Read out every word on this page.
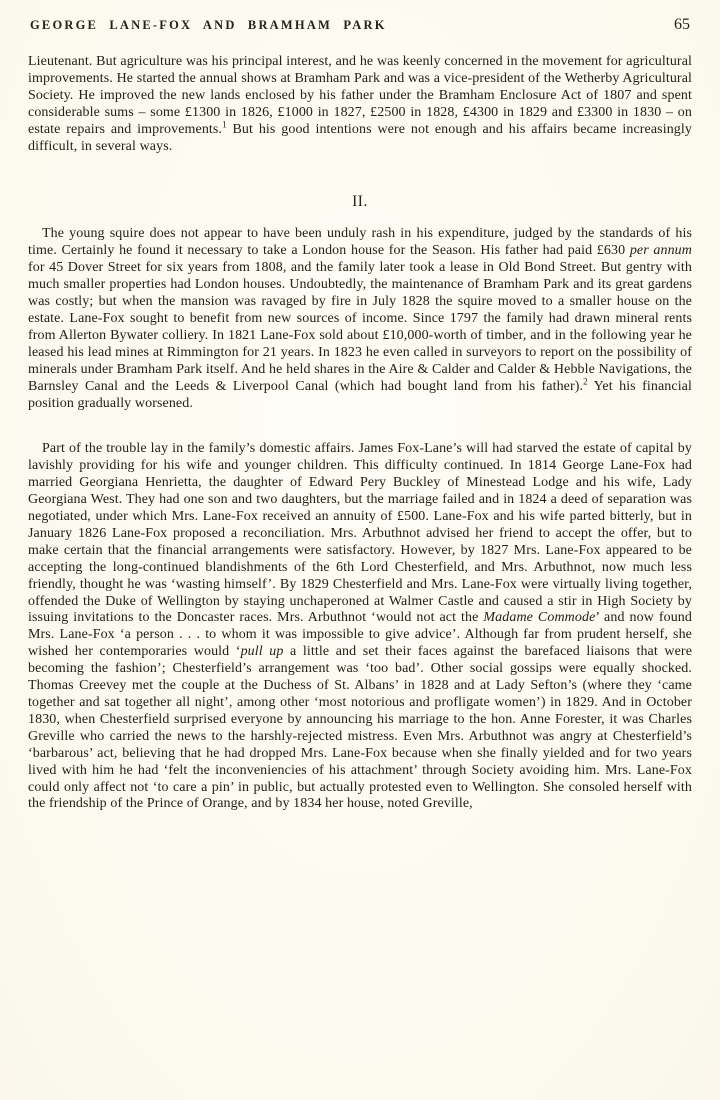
GEORGE LANE-FOX AND BRAMHAM PARK	65

Lieutenant. But agriculture was his principal interest, and he was keenly concerned in the movement for agricultural improvements. He started the annual shows at Bramham Park and was a vice-president of the Wetherby Agricultural Society. He improved the new lands enclosed by his father under the Bramham Enclosure Act of 1807 and spent considerable sums – some £1300 in 1826, £1000 in 1827, £2500 in 1828, £4300 in 1829 and £3300 in 1830 – on estate repairs and improvements.$^1$ But his good intentions were not enough and his affairs became increasingly difficult, in several ways.

II.

The young squire does not appear to have been unduly rash in his expenditure, judged by the standards of his time. Certainly he found it necessary to take a London house for the Season. His father had paid £630 per annum for 45 Dover Street for six years from 1808, and the family later took a lease in Old Bond Street. But gentry with much smaller properties had London houses. Undoubtedly, the maintenance of Bramham Park and its great gardens was costly; but when the mansion was ravaged by fire in July 1828 the squire moved to a smaller house on the estate. Lane-Fox sought to benefit from new sources of income. Since 1797 the family had drawn mineral rents from Allerton Bywater colliery. In 1821 Lane-Fox sold about £10,000-worth of timber, and in the following year he leased his lead mines at Rimmington for 21 years. In 1823 he even called in surveyors to report on the possibility of minerals under Bramham Park itself. And he held shares in the Aire & Calder and Calder & Hebble Navigations, the Barnsley Canal and the Leeds & Liverpool Canal (which had bought land from his father).$^2$ Yet his financial position gradually worsened.

Part of the trouble lay in the family’s domestic affairs. James Fox-Lane’s will had starved the estate of capital by lavishly providing for his wife and younger children. This difficulty continued. In 1814 George Lane-Fox had married Georgiana Henrietta, the daughter of Edward Pery Buckley of Minestead Lodge and his wife, Lady Georgiana West. They had one son and two daughters, but the marriage failed and in 1824 a deed of separation was negotiated, under which Mrs. Lane-Fox received an annuity of £500. Lane-Fox and his wife parted bitterly, but in January 1826 Lane-Fox proposed a reconciliation. Mrs. Arbuthnot advised her friend to accept the offer, but to make certain that the financial arrangements were satisfactory. However, by 1827 Mrs. Lane-Fox appeared to be accepting the long-continued blandishments of the 6th Lord Chesterfield, and Mrs. Arbuthnot, now much less friendly, thought he was ‘wasting himself’. By 1829 Chesterfield and Mrs. Lane-Fox were virtually living together, offended the Duke of Wellington by staying unchaperoned at Walmer Castle and caused a stir in High Society by issuing invitations to the Doncaster races. Mrs. Arbuthnot ‘would not act the Madame Commode’ and now found Mrs. Lane-Fox ‘a person . . . to whom it was impossible to give advice’. Although far from prudent herself, she wished her contemporaries would ‘pull up a little and set their faces against the barefaced liaisons that were becoming the fashion’; Chesterfield’s arrangement was ‘too bad’. Other social gossips were equally shocked. Thomas Creevey met the couple at the Duchess of St. Albans’ in 1828 and at Lady Sefton’s (where they ‘came together and sat together all night’, among other ‘most notorious and profligate women’) in 1829. And in October 1830, when Chesterfield surprised everyone by announcing his marriage to the hon. Anne Forester, it was Charles Greville who carried the news to the harshly-rejected mistress. Even Mrs. Arbuthnot was angry at Chesterfield’s ‘barbarous’ act, believing that he had dropped Mrs. Lane-Fox because when she finally yielded and for two years lived with him he had ‘felt the inconveniencies of his attachment’ through Society avoiding him. Mrs. Lane-Fox could only affect not ‘to care a pin’ in public, but actually protested even to Wellington. She consoled herself with the friendship of the Prince of Orange, and by 1834 her house, noted Greville,
